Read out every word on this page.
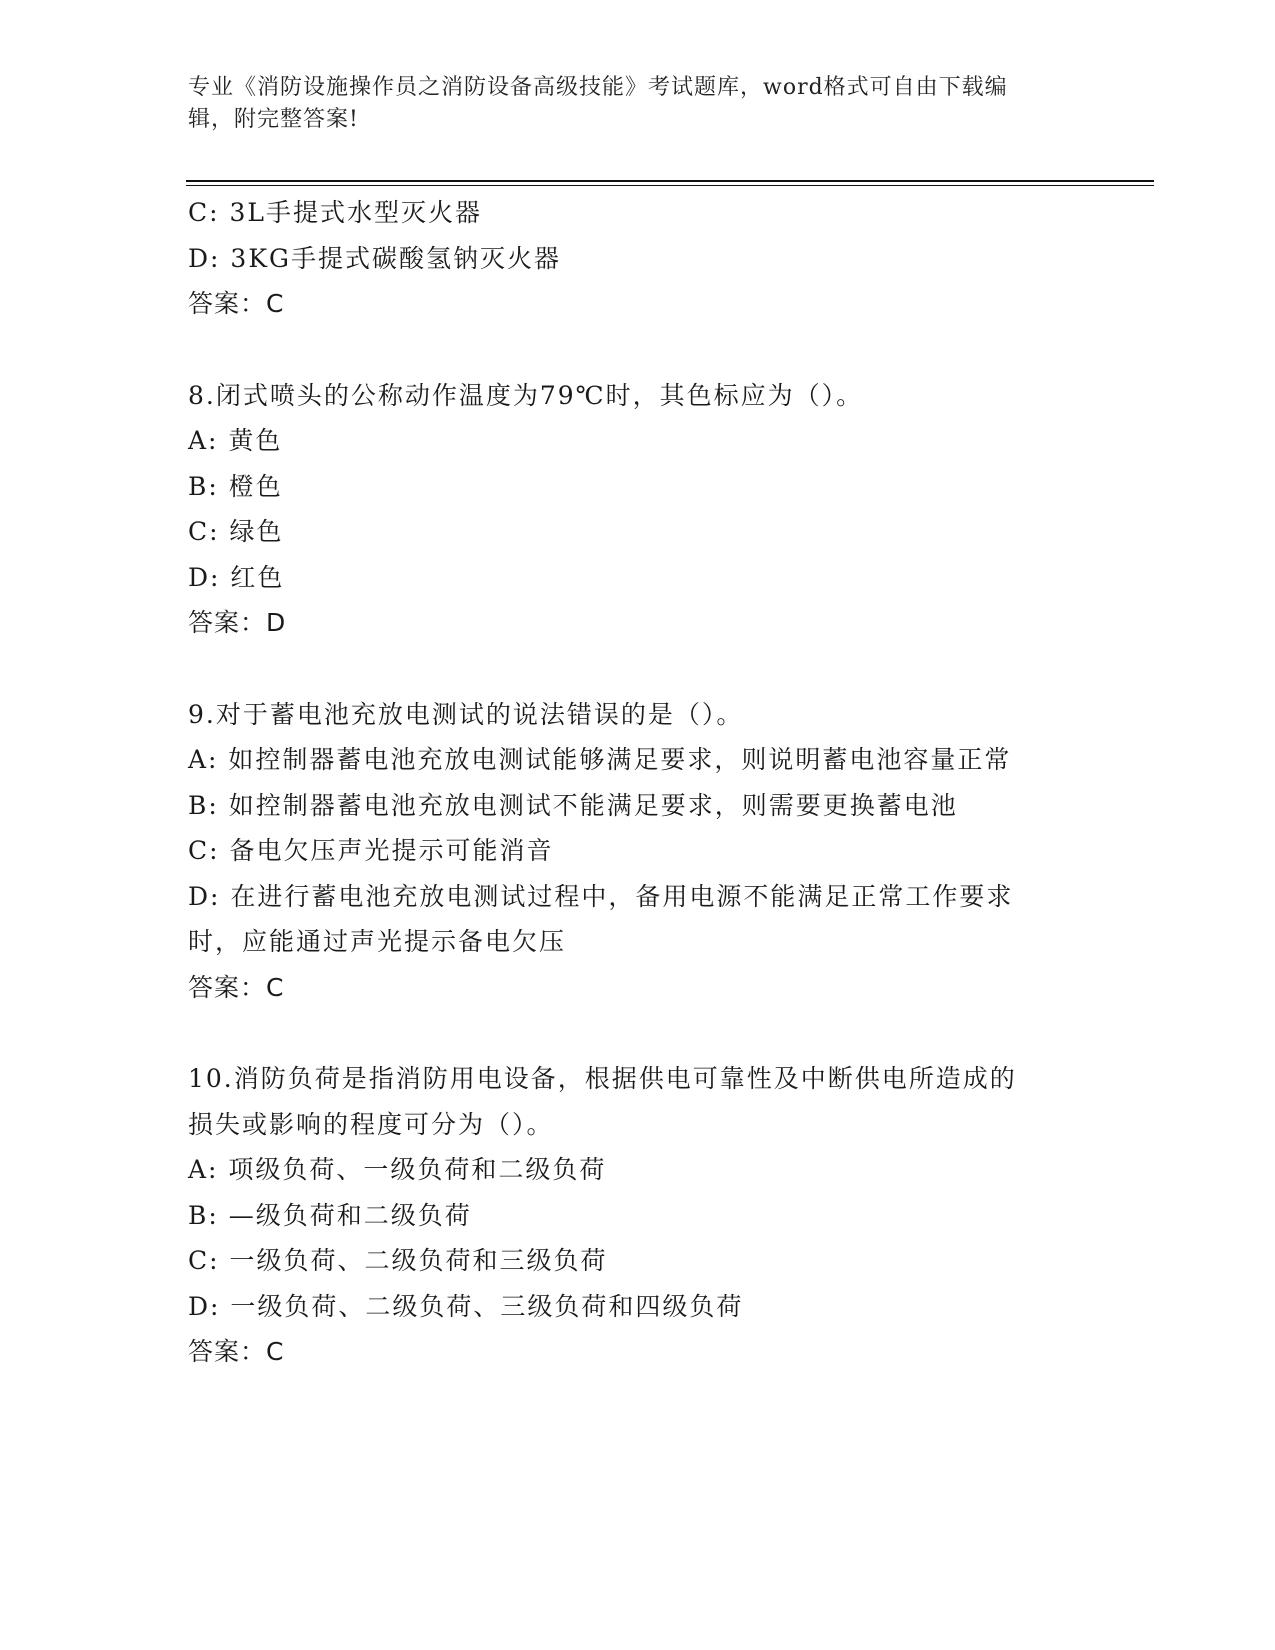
专业《消防设施操作员之消防设备高级技能》考试题库，word格式可自由下载编
辑，附完整答案!
C: 3L手提式水型灭火器
D: 3KG手提式碳酸氢钠灭火器
答案：C
8.闭式喷头的公称动作温度为79℃时，其色标应为（）。
A: 黄色
B: 橙色
C: 绿色
D: 红色
答案：D
9.对于蓄电池充放电测试的说法错误的是（）。
A: 如控制器蓄电池充放电测试能够满足要求，则说明蓄电池容量正常
B: 如控制器蓄电池充放电测试不能满足要求，则需要更换蓄电池
C: 备电欠压声光提示可能消音
D: 在进行蓄电池充放电测试过程中，备用电源不能满足正常工作要求
时，应能通过声光提示备电欠压
答案：C
10.消防负荷是指消防用电设备，根据供电可靠性及中断供电所造成的
损失或影响的程度可分为（）。
A: 项级负荷、一级负荷和二级负荷
B: —级负荷和二级负荷
C: 一级负荷、二级负荷和三级负荷
D: 一级负荷、二级负荷、三级负荷和四级负荷
答案：C
